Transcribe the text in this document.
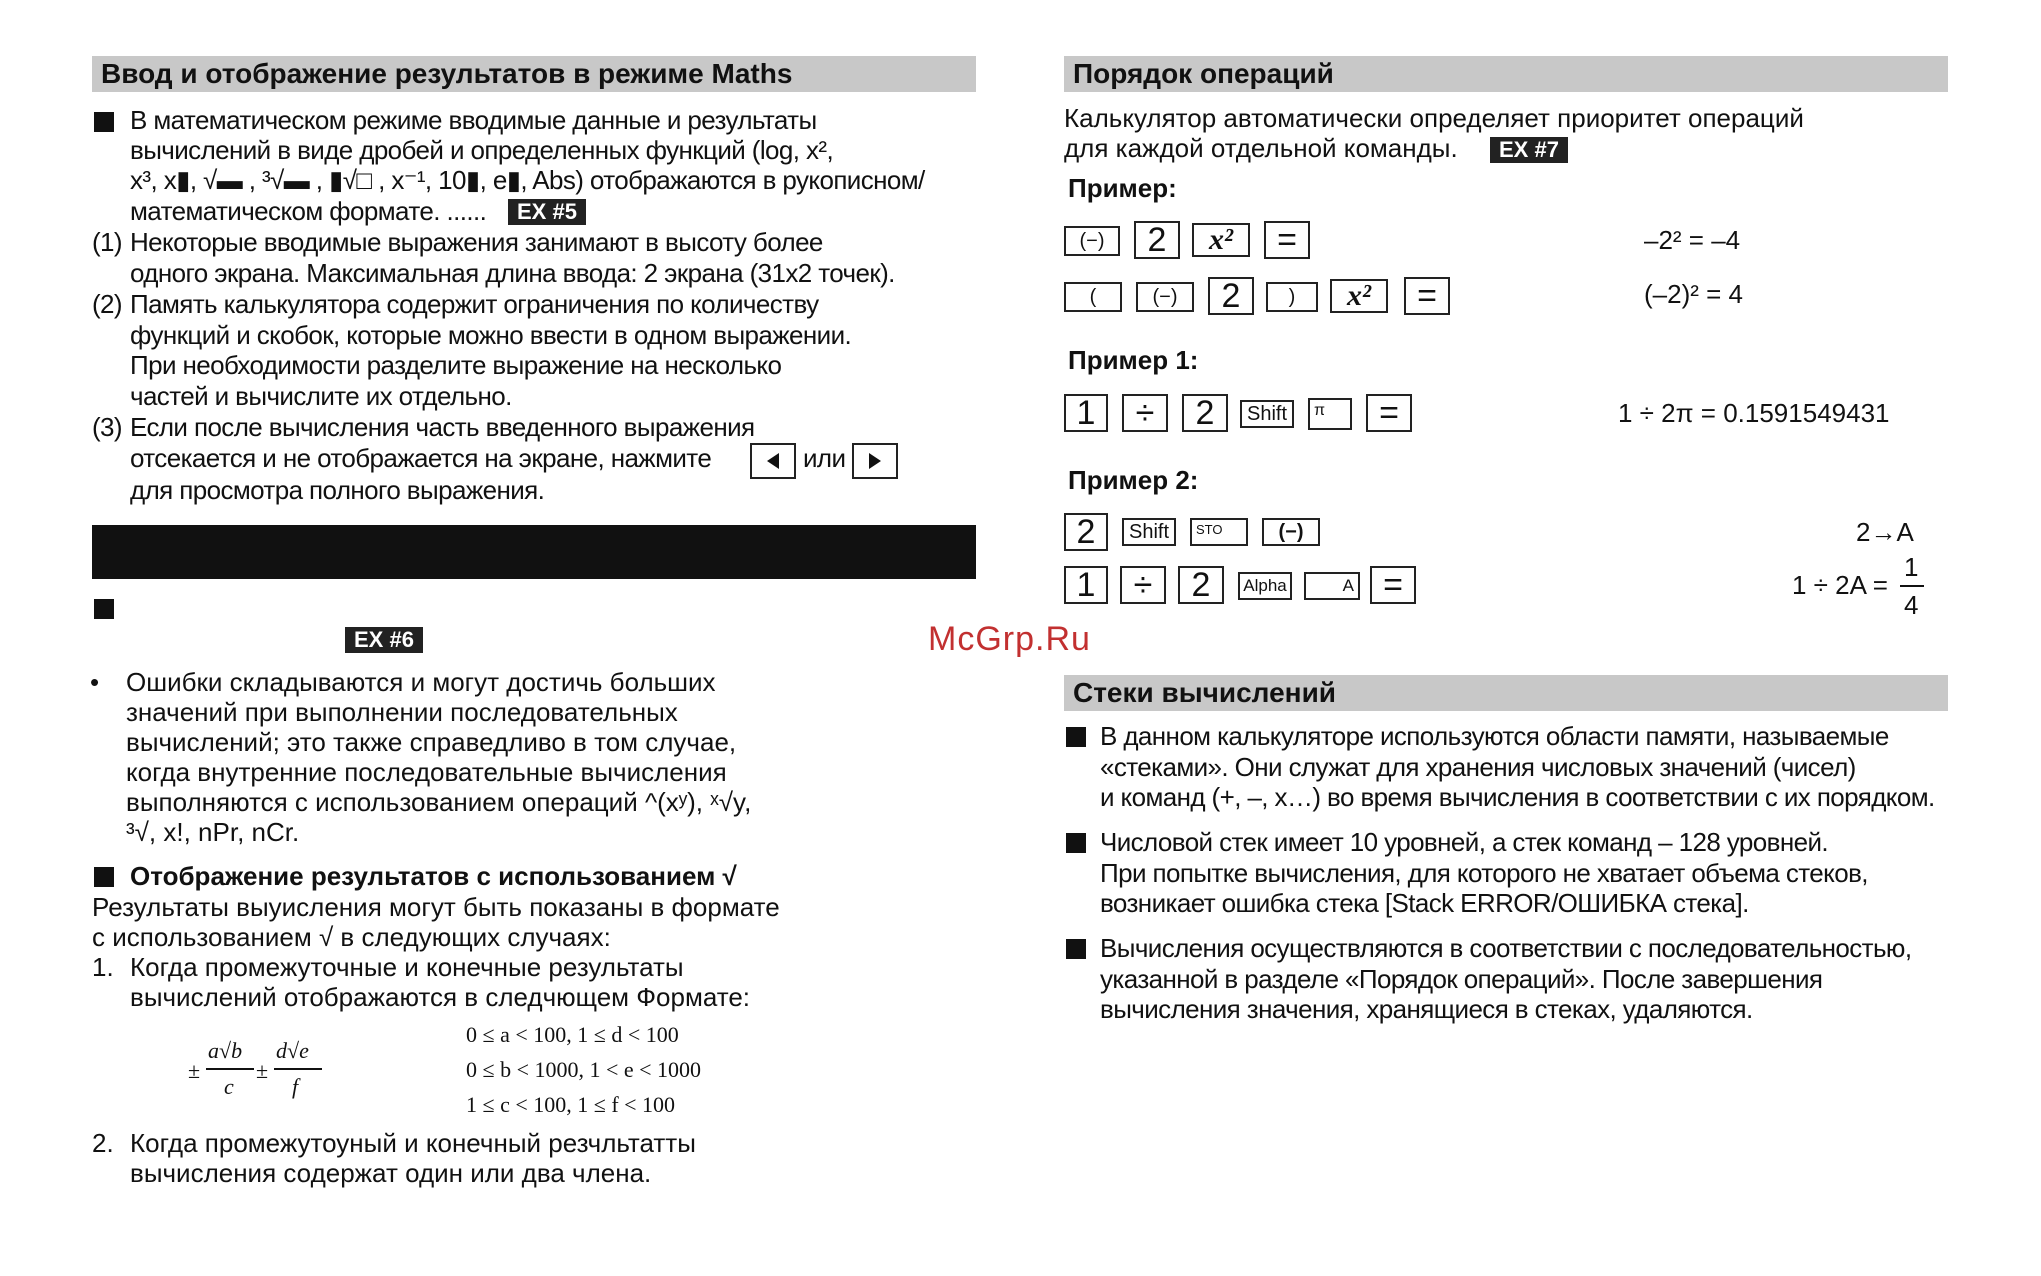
Ввод и отображение результатов в режиме Maths
В математическом режиме вводимые данные и результаты
вычислений в виде дробей и определенных функций (log, x²,
x³, x▮, √▬ , ³√▬ , ▮√□ , x⁻¹, 10▮, e▮, Abs) отображаются в рукописном/
математическом формате. ......	EX #5
(1) Некоторые вводимые выражения занимают в высоту более
одного экрана. Максимальная длина ввода: 2 экрана (31x2 точек).
(2) Память калькулятора содержит ограничения по количеству
функций и скобок, которые можно ввести в одном выражении.
При необходимости разделите выражение на несколько
частей и вычислите их отдельно.
(3) Если после вычисления часть введенного выражения
отсекается и не отображается на экране, нажмите	или
для просмотра полного выражения.
EX #6
• Ошибки складываются и могут достичь больших
значений при выполнении последовательных
вычислений; это также справедливо в том случае,
когда внутренние последовательные вычисления
выполняются с использованием операций ^(xʸ), ˣ√y,
³√, x!, nPr, nCr.
Отображение результатов с использованием √
Результаты выуисления могут быть показаны в формате
с использованием √ в следующих случаях:
1. Когда промежуточные и конечные результаты
вычислений отображаются в следчющем Формате:
±
a√b
c
±
d√e
f
0 ≤ a < 100, 1 ≤ d < 100
0 ≤ b < 1000, 1 < e < 1000
1 ≤ c < 100, 1 ≤ f < 100
2. Когда промежутоуный и конечный резчльтатты
вычисления содержат один или два члена.
Порядок операций
Калькулятор автоматически определяет приоритет операций
для каждой отдельной команды.	EX #7
Пример:
(−)	2	x²	=	–2² = –4
(	(−)	2	)	x²	=	(–2)² = 4
Пример 1:
1	÷	2	Shift	π	=	1 ÷ 2π = 0.1591549431
Пример 2:
2	Shift	STO	(−)	2→A
1	÷	2	Alpha	A =	1 ÷ 2A =
1
4
McGrp.Ru
Стеки вычислений
В данном калькуляторе используются области памяти, называемые
«стеками». Они служат для хранения числовых значений (чисел)
и команд (+, –, x…) во время вычисления в соответствии с их порядком.
Числовой стек имеет 10 уровней, а стек команд – 128 уровней.
При попытке вычисления, для которого не хватает объема стеков,
возникает ошибка стека [Stack ERROR/ОШИБКА стека].
Вычисления осуществляются в соответствии с последовательностью,
указанной в разделе «Порядок операций». После завершения
вычисления значения, хранящиеся в стеках, удаляются.
